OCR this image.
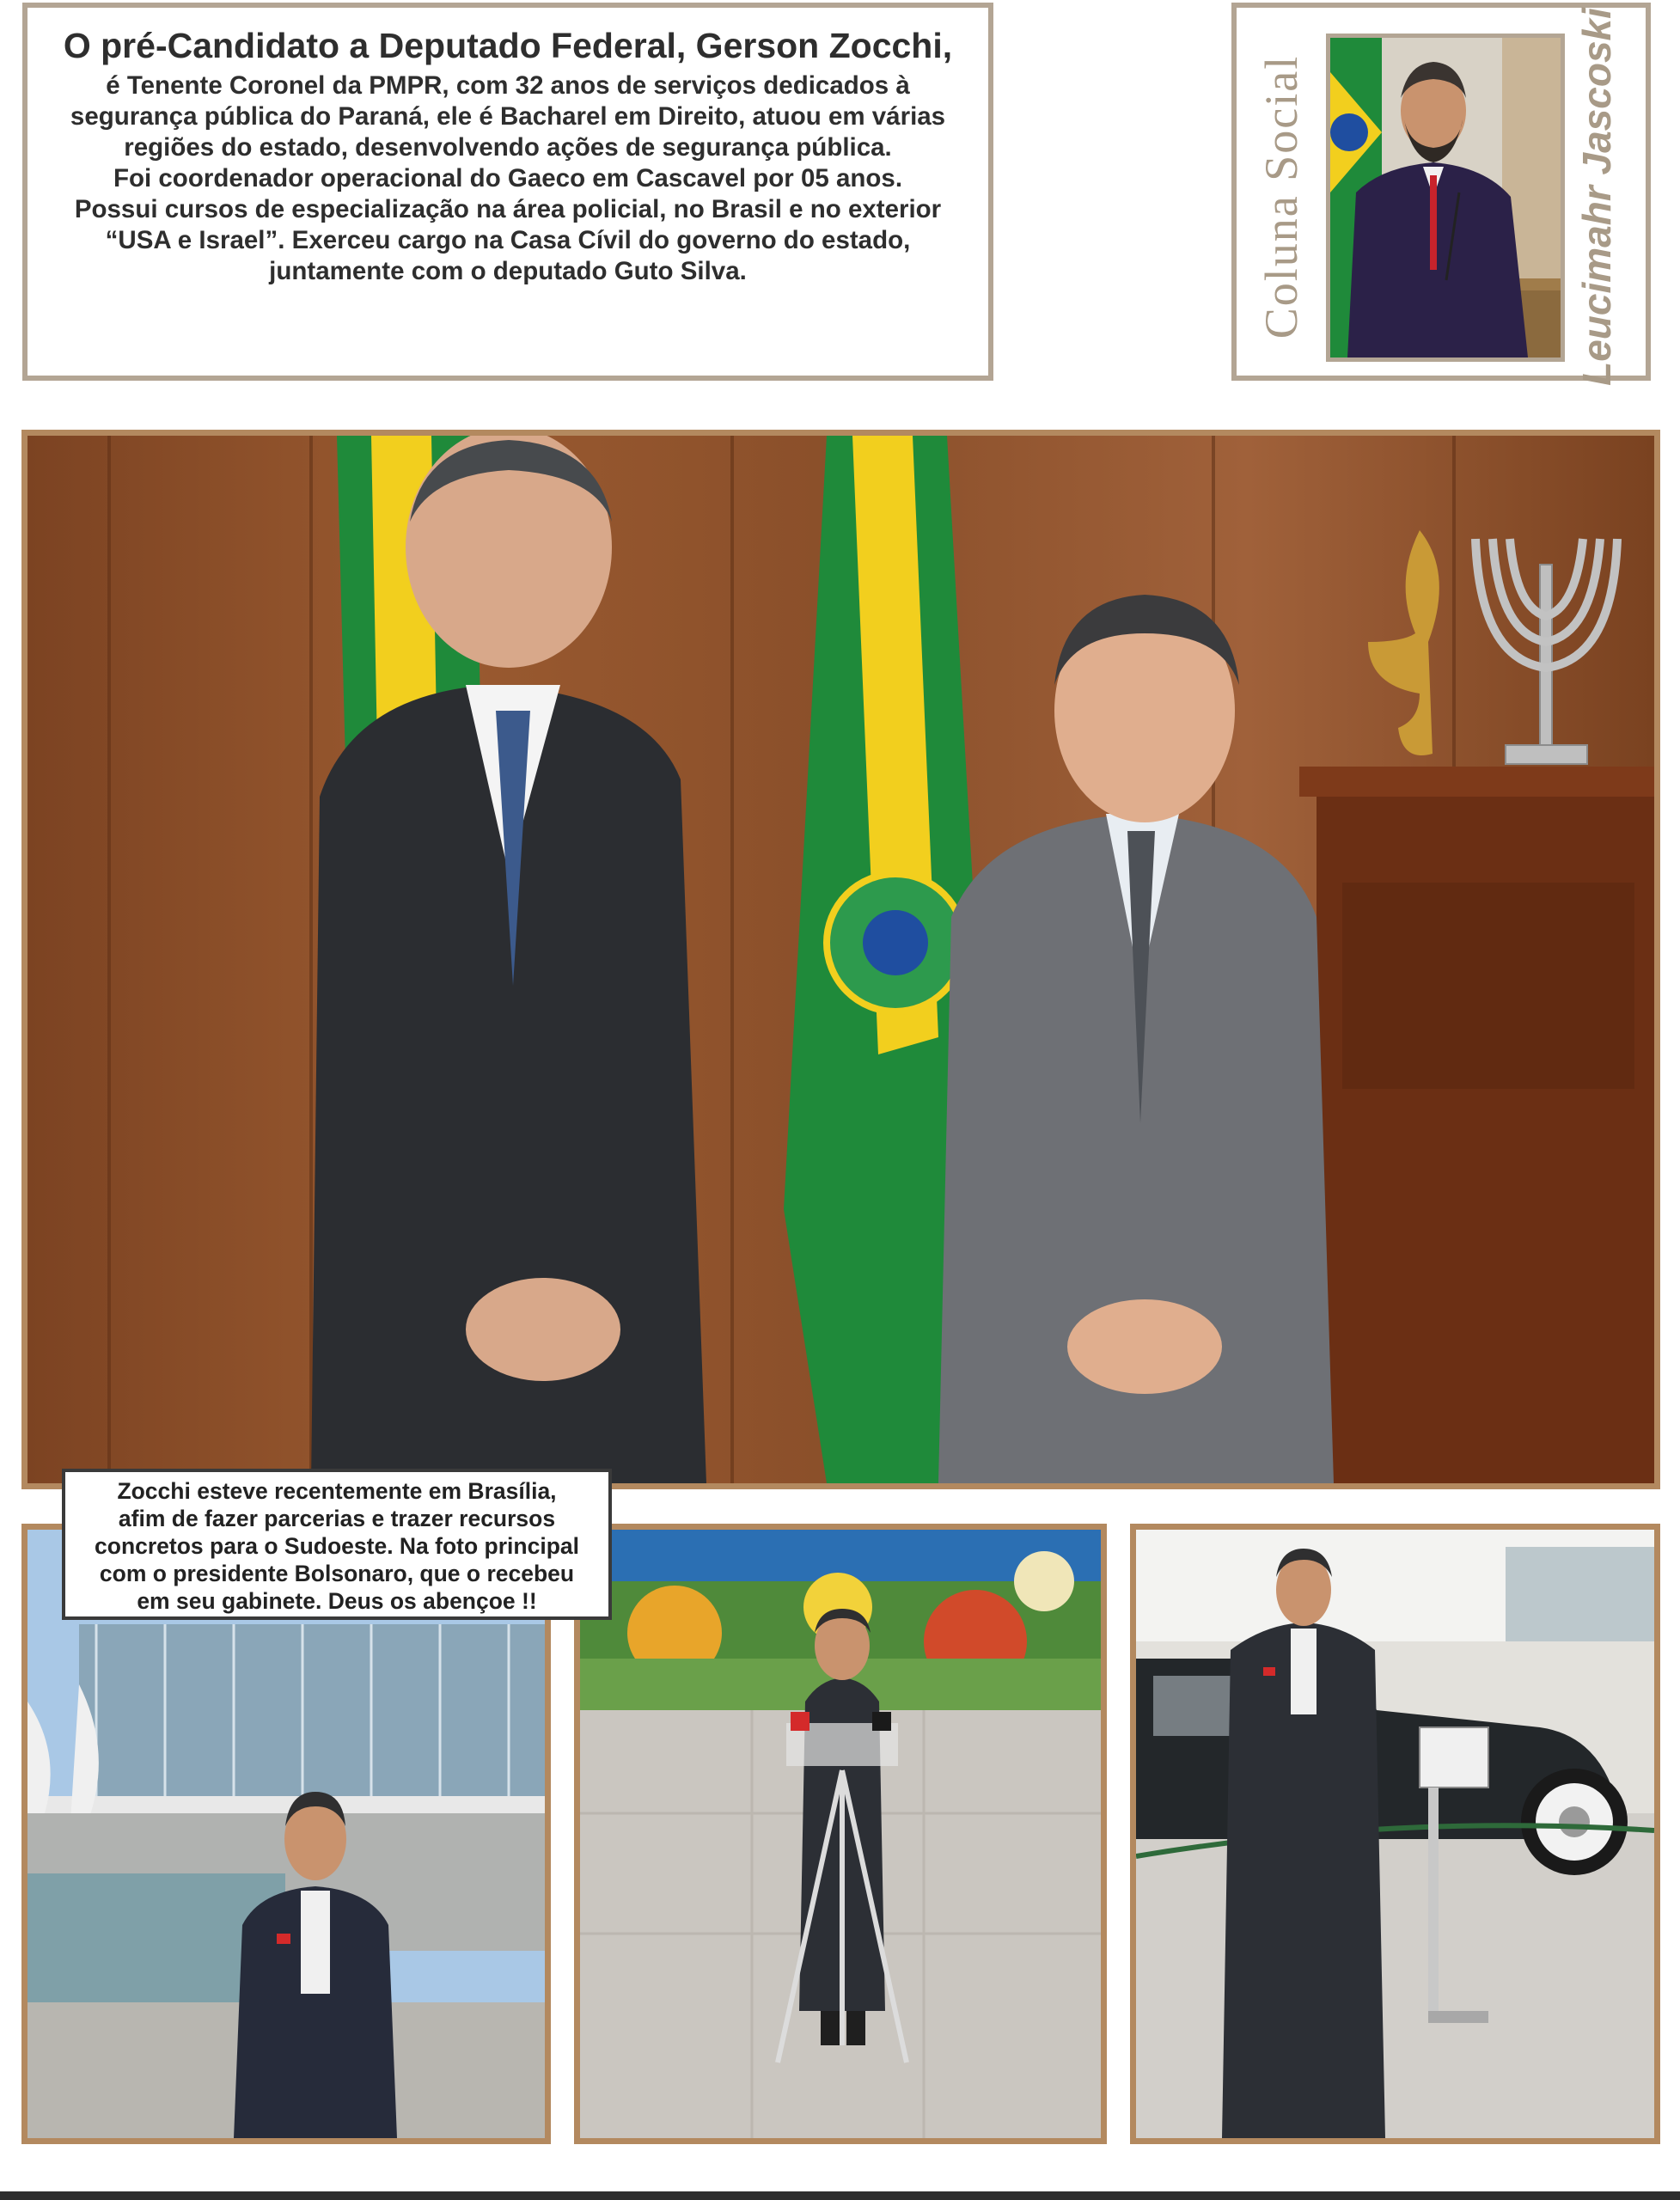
O pré-Candidato a Deputado Federal, Gerson Zocchi,

é Tenente Coronel da PMPR, com 32 anos de serviços dedicados à segurança pública do Paraná, ele é Bacharel em Direito, atuou em várias regiões do estado, desenvolvendo ações de segurança pública.

Foi coordenador operacional do Gaeco em Cascavel por 05 anos.

Possui cursos de especialização na área policial, no Brasil e no exterior “USA e Israel”. Exerceu cargo na Casa Cívil do governo do estado, juntamente com o deputado Guto Silva.	Coluna Social	Leucimahr Jascoski

Zocchi esteve recentemente em Brasília,

afim de fazer parcerias e trazer recursos

concretos para o Sudoeste. Na foto principal

com o presidente Bolsonaro, que o recebeu

em seu gabinete. Deus os abençoe !!
